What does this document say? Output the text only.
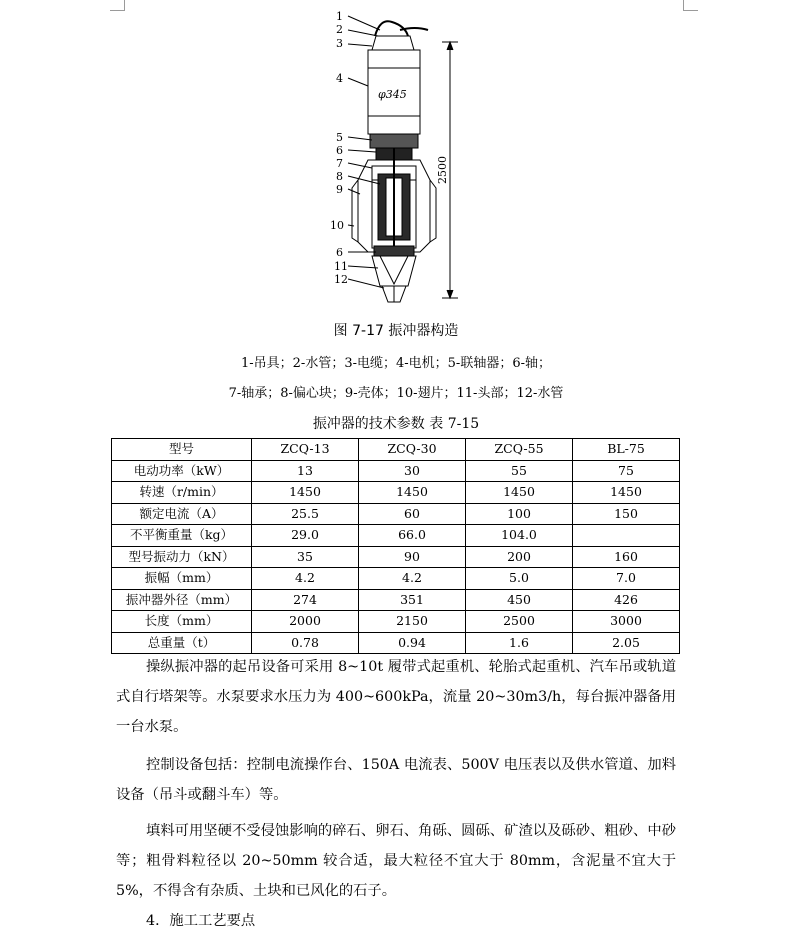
1
2
3
4
5
6
7
8
9
10
6
11
12
φ345
2500
图 7-17 振冲器构造
1-吊具；2-水管；3-电缆；4-电机；5-联轴器；6-轴；
7-轴承；8-偏心块；9-壳体；10-翅片；11-头部；12-水管
振冲器的技术参数 表 7-15
型号	ZCQ-13	ZCQ-30	ZCQ-55	BL-75
电动功率（kW）	13	30	55	75
转速（r/min）	1450	1450	1450	1450
额定电流（A）	25.5	60	100	150
不平衡重量（kg）	29.0	66.0	104.0	
型号振动力（kN）	35	90	200	160
振幅（mm）	4.2	4.2	5.0	7.0
振冲器外径（mm）	274	351	450	426
长度（mm）	2000	2150	2500	3000
总重量（t）	0.78	0.94	1.6	2.05
操纵振冲器的起吊设备可采用 8~10t 履带式起重机、轮胎式起重机、汽车吊或轨道式自行塔架等。水泵要求水压力为 400~600kPa，流量 20~30m3/h，每台振冲器备用一台水泵。
控制设备包括：控制电流操作台、150A 电流表、500V 电压表以及供水管道、加料设备（吊斗或翻斗车）等。
填料可用坚硬不受侵蚀影响的碎石、卵石、角砾、圆砾、矿渣以及砾砂、粗砂、中砂等；粗骨料粒径以 20~50mm 较合适，最大粒径不宜大于 80mm，含泥量不宜大于 5%，不得含有杂质、土块和已风化的石子。
4．施工工艺要点
